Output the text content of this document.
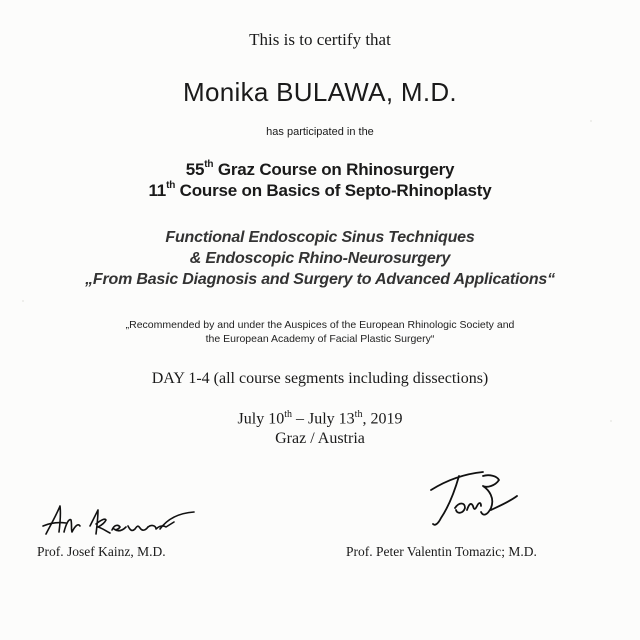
This is to certify that
Monika BULAWA, M.D.
has participated in the
55th Graz Course on Rhinosurgery
11th Course on Basics of Septo-Rhinoplasty
Functional Endoscopic Sinus Techniques
& Endoscopic Rhino-Neurosurgery
„From Basic Diagnosis and Surgery to Advanced Applications“
„Recommended by and under the Auspices of the European Rhinologic Society and
the European Academy of Facial Plastic Surgery“
DAY 1-4 (all course segments including dissections)
July 10th – July 13th, 2019
Graz / Austria
Prof. Josef Kainz, M.D.	Prof. Peter Valentin Tomazic; M.D.
